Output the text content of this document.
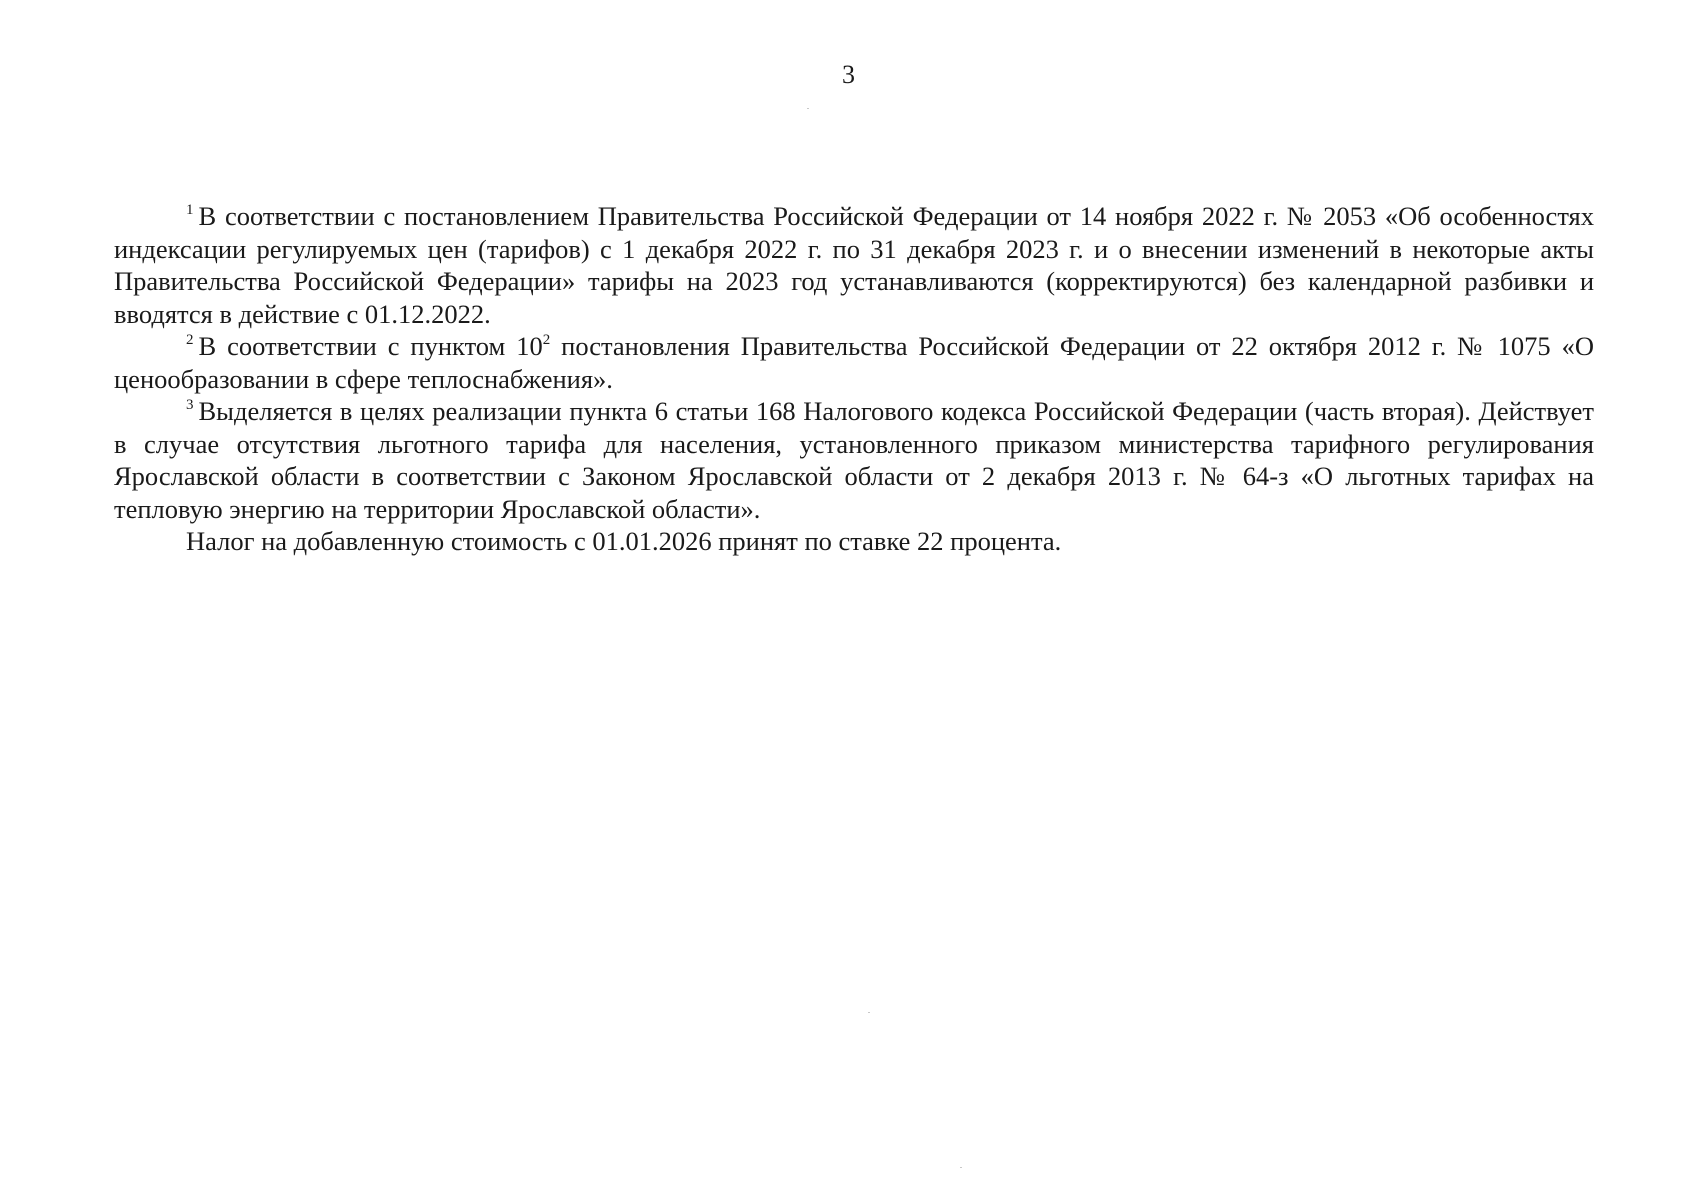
3

$^1$ В соответствии с постановлением Правительства Российской Федерации от 14 ноября 2022 г. № 2053 «Об особенностях индексации регулируемых цен (тарифов) с 1 декабря 2022 г. по 31 декабря 2023 г. и о внесении изменений в некоторые акты Правительства Российской Федерации» тарифы на 2023 год устанавливаются (корректируются) без календарной разбивки и вводятся в действие с 01.12.2022.

$^2$ В соответствии с пунктом $10^2$ постановления Правительства Российской Федерации от 22 октября 2012 г. № 1075 «О ценообразовании в сфере теплоснабжения».

$^3$ Выделяется в целях реализации пункта 6 статьи 168 Налогового кодекса Российской Федерации (часть вторая). Действует в случае отсутствия льготного тарифа для населения, установленного приказом министерства тарифного регулирования Ярославской области в соответствии с Законом Ярославской области от 2 декабря 2013 г. № 64-з «О льготных тарифах на тепловую энергию на территории Ярославской области».

Налог на добавленную стоимость с 01.01.2026 принят по ставке 22 процента.
